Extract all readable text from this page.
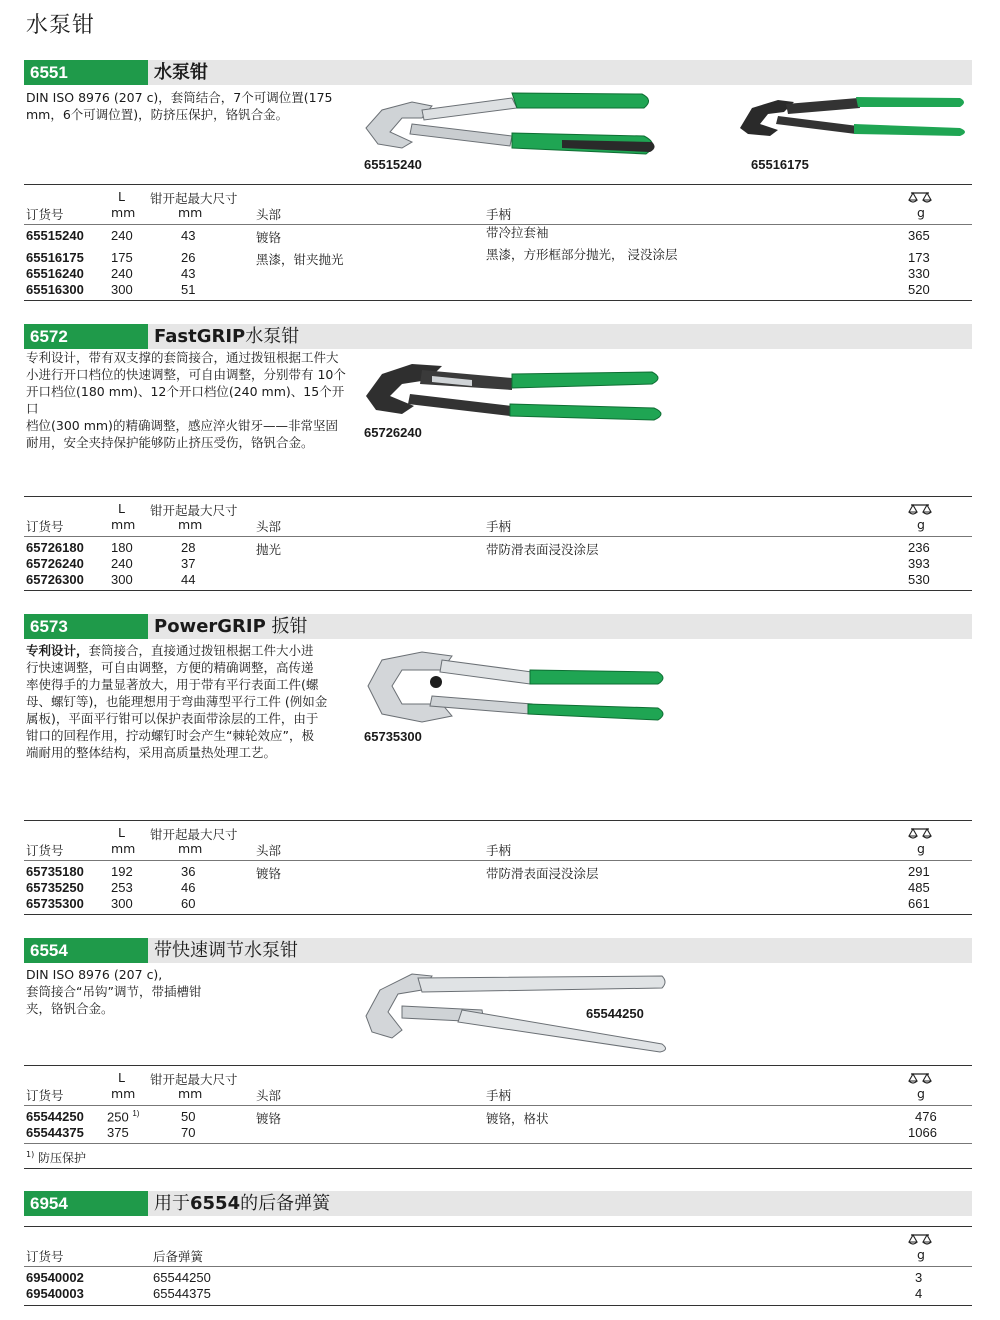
水泵钳
6551	水泵钳
DIN ISO 8976 (207 c)，套筒结合，7个可调位置(175
mm，6个可调位置)，防挤压保护，铬钒合金。
65515240	65516175
L 钳开起最大尺寸
订货号	mm	mm	头部	手柄	g
65515240 240	43	镀铬	带冷拉套袖	365
65516175 175	26	黑漆，钳夹抛光	黑漆，方形框部分抛光， 浸没涂层	173
65516240 240	43	330
65516300 300	51	520
6572	FastGRIP水泵钳
专利设计，带有双支撑的套筒接合，通过拨钮根据工件大
小进行开口档位的快速调整，可自由调整，分别带有 10个
开口档位(180 mm)、12个开口档位(240 mm)、15个开口
档位(300 mm)的精确调整，感应淬火钳牙——非常坚固
耐用，安全夹持保护能够防止挤压受伤，铬钒合金。
65726240
L 钳开起最大尺寸
订货号	mm	mm	头部	手柄	g
65726180 180	28	抛光	带防滑表面浸没涂层	236
65726240 240	37	393
65726300 300	44	530
6573	PowerGRIP 扳钳
专利设计，套筒接合，直接通过拨钮根据工件大小进
行快速调整，可自由调整，方便的精确调整，高传递
率使得手的力量显著放大，用于带有平行表面工件(螺
母、螺钉等)，也能理想用于弯曲薄型平行工件 (例如金
属板)，平面平行钳可以保护表面带涂层的工件，由于
钳口的回程作用，拧动螺钉时会产生“棘轮效应”，极
端耐用的整体结构，采用高质量热处理工艺。
65735300
L 钳开起最大尺寸
订货号	mm	mm	头部	手柄	g
65735180 192	36	镀铬	带防滑表面浸没涂层	291
65735250 253	46	485
65735300 300	60	661
6554	带快速调节水泵钳
DIN ISO 8976 (207 c),
套筒接合“吊钩”调节，带插槽钳
夹，铬钒合金。	65544250
L 钳开起最大尺寸
订货号	mm	mm	头部	手柄	g
65544250 250 $^{1)}$	50	镀铬	镀铬，格状	476
65544375 375	70	1066
$^{1)}$ 防压保护
6954	用于6554的后备弹簧
订货号	后备弹簧	g
69540002	65544250	3
69540003	65544375	4
